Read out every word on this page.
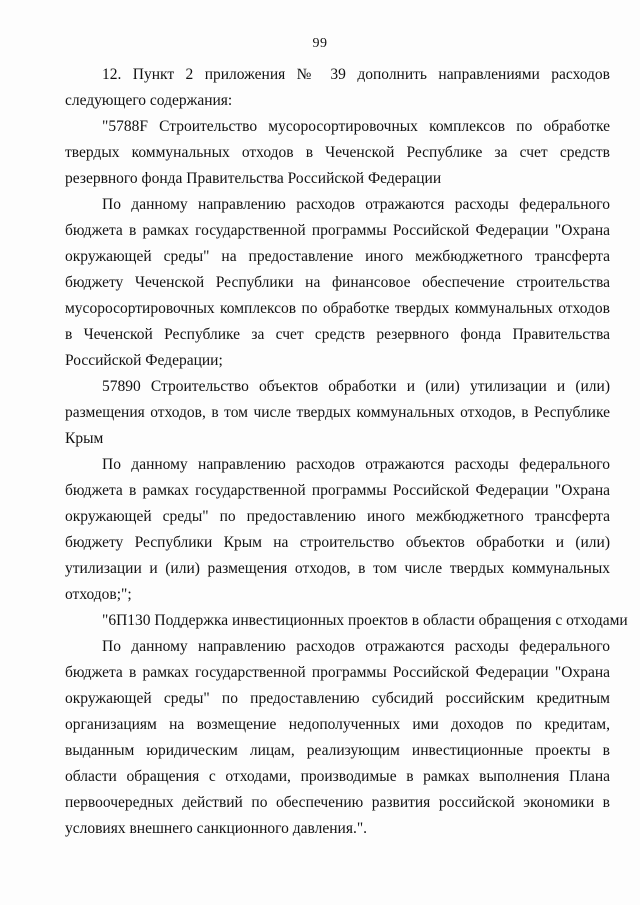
99

12. Пункт 2 приложения № 39 дополнить направлениями расходов следующего содержания:

"5788F Строительство мусоросортировочных комплексов по обработке твердых коммунальных отходов в Чеченской Республике за счет средств резервного фонда Правительства Российской Федерации

По данному направлению расходов отражаются расходы федерального бюджета в рамках государственной программы Российской Федерации "Охрана окружающей среды" на предоставление иного межбюджетного трансферта бюджету Чеченской Республики на финансовое обеспечение строительства мусоросортировочных комплексов по обработке твердых коммунальных отходов в Чеченской Республике за счет средств резервного фонда Правительства Российской Федерации;

57890 Строительство объектов обработки и (или) утилизации и (или) размещения отходов, в том числе твердых коммунальных отходов, в Республике Крым

По данному направлению расходов отражаются расходы федерального бюджета в рамках государственной программы Российской Федерации "Охрана окружающей среды" по предоставлению иного межбюджетного трансферта бюджету Республики Крым на строительство объектов обработки и (или) утилизации и (или) размещения отходов, в том числе твердых коммунальных отходов;";

"6П130 Поддержка инвестиционных проектов в области обращения с отходами

По данному направлению расходов отражаются расходы федерального бюджета в рамках государственной программы Российской Федерации "Охрана окружающей среды" по предоставлению субсидий российским кредитным организациям на возмещение недополученных ими доходов по кредитам, выданным юридическим лицам, реализующим инвестиционные проекты в области обращения с отходами, производимые в рамках выполнения Плана первоочередных действий по обеспечению развития российской экономики в условиях внешнего санкционного давления.".
